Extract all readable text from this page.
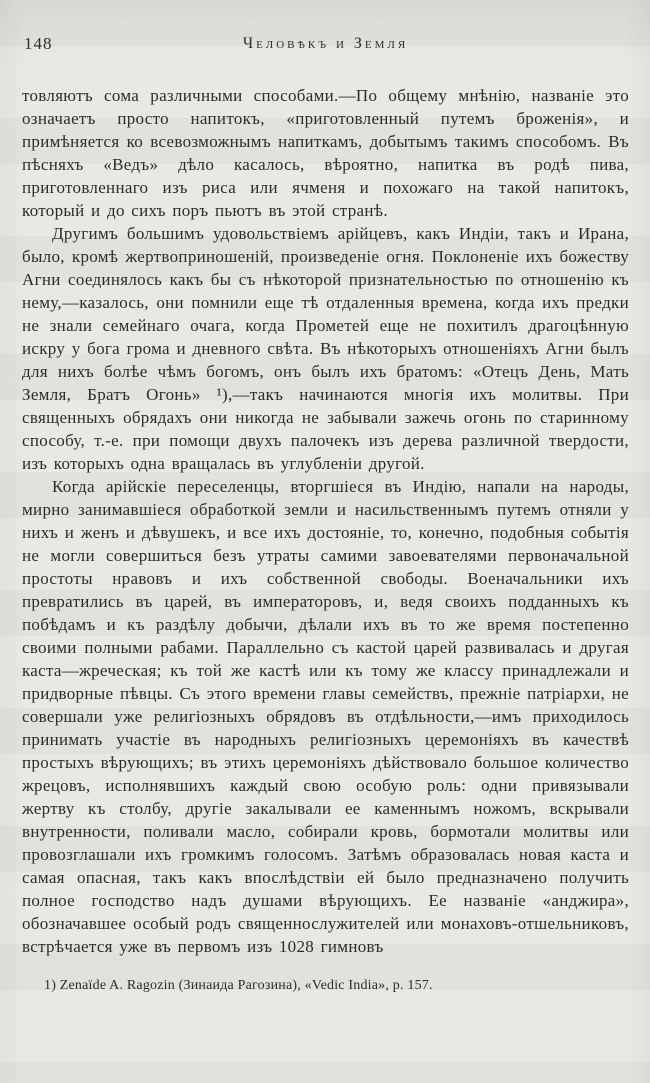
148	Человѣкъ и Земля

товляютъ сома различными способами.—По общему мнѣнію, названіе это означаетъ просто напитокъ, «приготовленный путемъ броженія», и примѣняется ко всевозможнымъ напиткамъ, добытымъ такимъ способомъ. Въ пѣсняхъ «Ведъ» дѣло касалось, вѣроятно, напитка въ родѣ пива, приготовленнаго изъ риса или ячменя и похожаго на такой напитокъ, который и до сихъ поръ пьютъ въ этой странѣ.

Другимъ большимъ удовольствіемъ арійцевъ, какъ Индіи, такъ и Ирана, было, кромѣ жертвоприношеній, произведеніе огня. Поклоненіе ихъ божеству Агни соединялось какъ бы съ нѣкоторой признательностью по отношенію къ нему,—казалось, они помнили еще тѣ отдаленныя времена, когда ихъ предки не знали семейнаго очага, когда Прометей еще не похитилъ драгоцѣнную искру у бога грома и дневного свѣта. Въ нѣкоторыхъ отношеніяхъ Агни былъ для нихъ болѣе чѣмъ богомъ, онъ былъ ихъ братомъ: «Отецъ День, Мать Земля, Братъ Огонь» ¹),—такъ начинаются многія ихъ молитвы. При священныхъ обрядахъ они никогда не забывали зажечь огонь по старинному способу, т.-е. при помощи двухъ палочекъ изъ дерева различной твердости, изъ которыхъ одна вращалась въ углубленіи другой.

Когда арійскіе переселенцы, вторгшіеся въ Индію, напали на народы, мирно занимавшіеся обработкой земли и насильственнымъ путемъ отняли у нихъ и женъ и дѣвушекъ, и все ихъ достояніе, то, конечно, подобныя событія не могли совершиться безъ утраты самими завоевателями первоначальной простоты нравовъ и ихъ собственной свободы. Военачальники ихъ превратились въ царей, въ императоровъ, и, ведя своихъ подданныхъ къ побѣдамъ и къ раздѣлу добычи, дѣлали ихъ въ то же время постепенно своими полными рабами. Параллельно съ кастой царей развивалась и другая каста—жреческая; къ той же кастѣ или къ тому же классу принадлежали и придворные пѣвцы. Съ этого времени главы семействъ, прежніе патріархи, не совершали уже религіозныхъ обрядовъ въ отдѣльности,—имъ приходилось принимать участіе въ народныхъ религіозныхъ церемоніяхъ въ качествѣ простыхъ вѣрующихъ; въ этихъ церемоніяхъ дѣйствовало большое количество жрецовъ, исполнявшихъ каждый свою особую роль: одни привязывали жертву къ столбу, другіе закалывали ее каменнымъ ножомъ, вскрывали внутренности, поливали масло, собирали кровь, бормотали молитвы или провозглашали ихъ громкимъ голосомъ. Затѣмъ образовалась новая каста и самая опасная, такъ какъ впослѣдствіи ей было предназначено получить полное господство надъ душами вѣрующихъ. Ее названіе «анджира», обозначавшее особый родъ священнослужителей или монаховъ-отшельниковъ, встрѣчается уже въ первомъ изъ 1028 гимновъ

1) Zenaïde A. Ragozin (Зинаида Рагозина), «Vedic India», p. 157.
